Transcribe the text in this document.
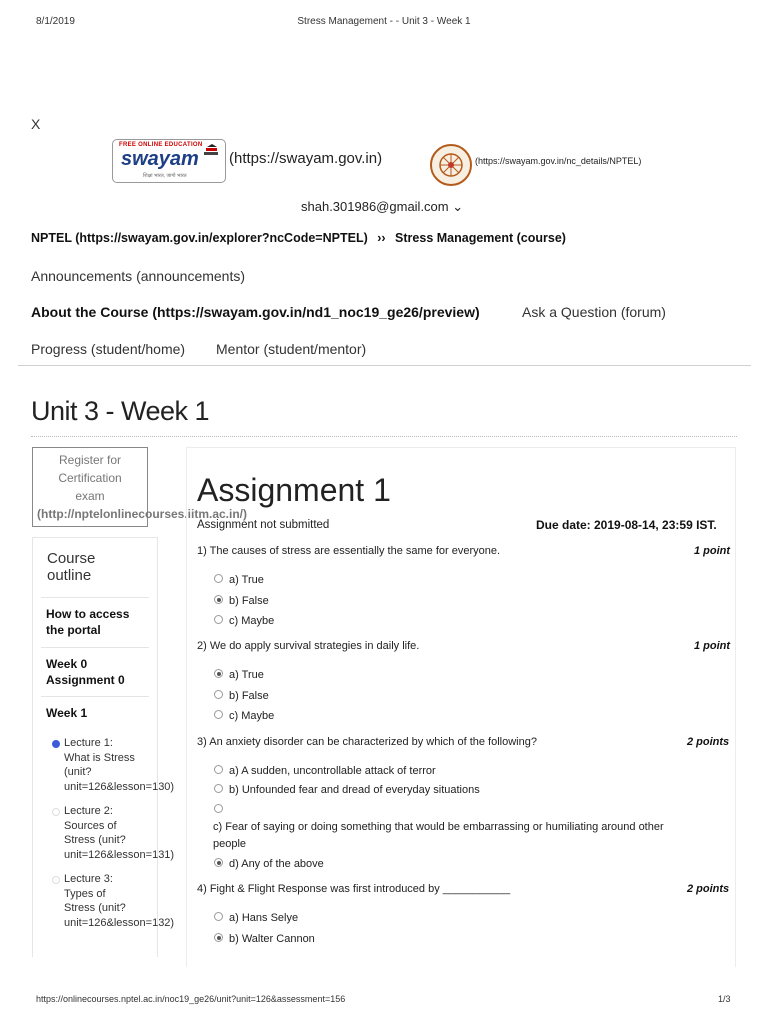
8/1/2019	Stress Management - - Unit 3 - Week 1
X
FREE ONLINE EDUCATION
swayam
शिक्षा भारत, जागो भारत
(https://swayam.gov.in)	(https://swayam.gov.in/nc_details/NPTEL)
shah.301986@gmail.com ⌄
NPTEL (https://swayam.gov.in/explorer?ncCode=NPTEL) ›› Stress Management (course)
Announcements (announcements)
About the Course (https://swayam.gov.in/nd1_noc19_ge26/preview)	Ask a Question (forum)
Progress (student/home) Mentor (student/mentor)
Unit 3 - Week 1
Register for
Certification
exam
(http://nptelonlinecourses.iitm.ac.in/)
Course
outline
How to access
the portal
Week 0
Assignment 0
Week 1
Lecture 1:
What is Stress
(unit?
unit=126&lesson=130)
Lecture 2:
Sources of
Stress (unit?
unit=126&lesson=131)
Lecture 3:
Types of
Stress (unit?
unit=126&lesson=132)
Assignment 1
Assignment not submitted	Due date: 2019-08-14, 23:59 IST.
1) The causes of stress are essentially the same for everyone.	1 point
a) True
b) False
c) Maybe
2) We do apply survival strategies in daily life.	1 point
a) True
b) False
c) Maybe
3) An anxiety disorder can be characterized by which of the following?	2 points
a) A sudden, uncontrollable attack of terror
b) Unfounded fear and dread of everyday situations
c) Fear of saying or doing something that would be embarrassing or humiliating around other
people
d) Any of the above
4) Fight & Flight Response was first introduced by ___________	2 points
a) Hans Selye
b) Walter Cannon
https://onlinecourses.nptel.ac.in/noc19_ge26/unit?unit=126&assessment=156	1/3
